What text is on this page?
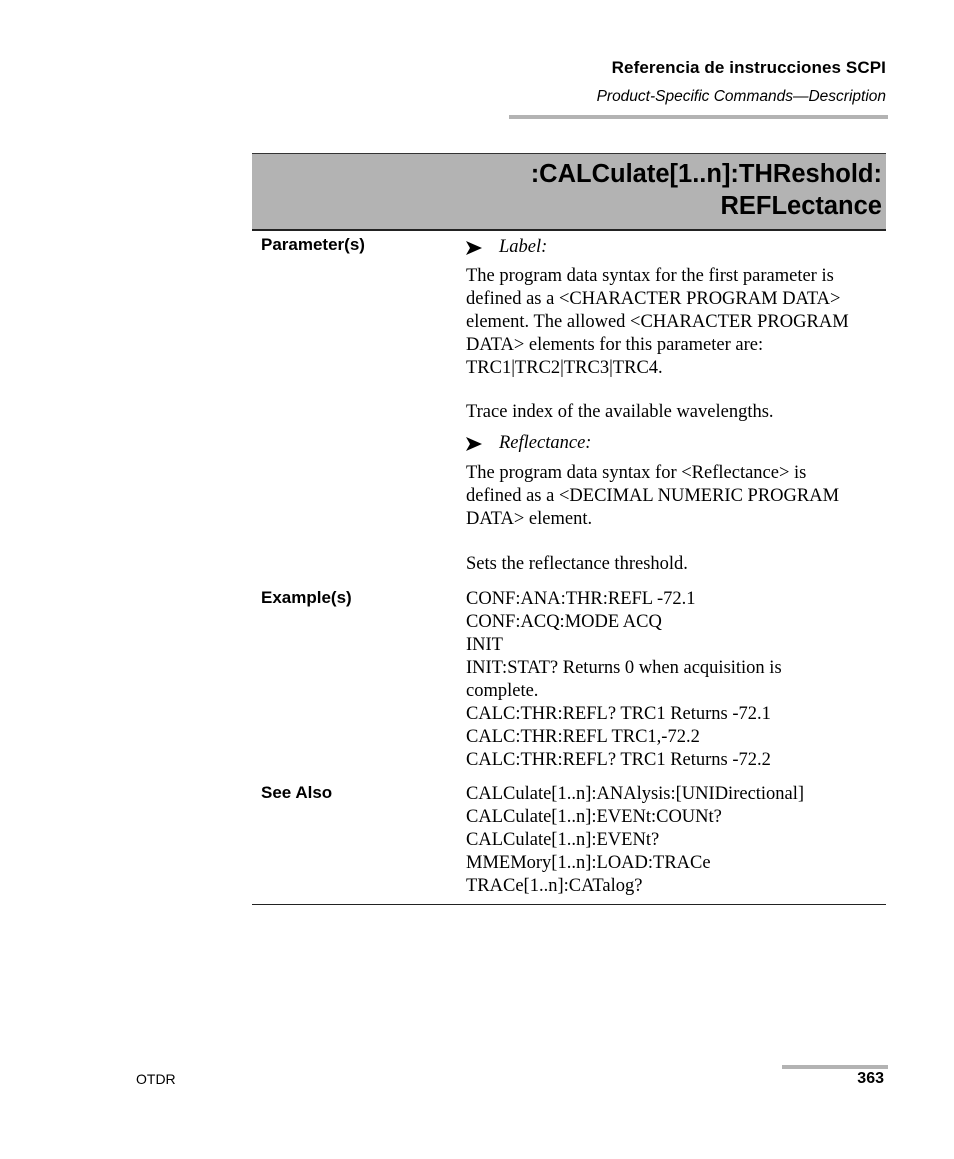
Referencia de instrucciones SCPI
Product-Specific Commands—Description
:CALCulate[1..n]:THReshold:
REFLectance
Parameter(s)	Label:

The program data syntax for the first parameter is

defined as a <CHARACTER PROGRAM DATA>

element. The allowed <CHARACTER PROGRAM

DATA> elements for this parameter are:

TRC1|TRC2|TRC3|TRC4.

Trace index of the available wavelengths.
Reflectance:

The program data syntax for <Reflectance> is

defined as a <DECIMAL NUMERIC PROGRAM

DATA> element.

Sets the reflectance threshold.
Example(s)	CONF:ANA:THR:REFL -72.1

CONF:ACQ:MODE ACQ

INIT

INIT:STAT? Returns 0 when acquisition is

complete.

CALC:THR:REFL? TRC1 Returns -72.1

CALC:THR:REFL TRC1,-72.2

CALC:THR:REFL? TRC1 Returns -72.2

See Also	CALCulate[1..n]:ANAlysis:[UNIDirectional]

CALCulate[1..n]:EVENt:COUNt?

CALCulate[1..n]:EVENt?

MMEMory[1..n]:LOAD:TRACe

TRACe[1..n]:CATalog?

OTDR	363
